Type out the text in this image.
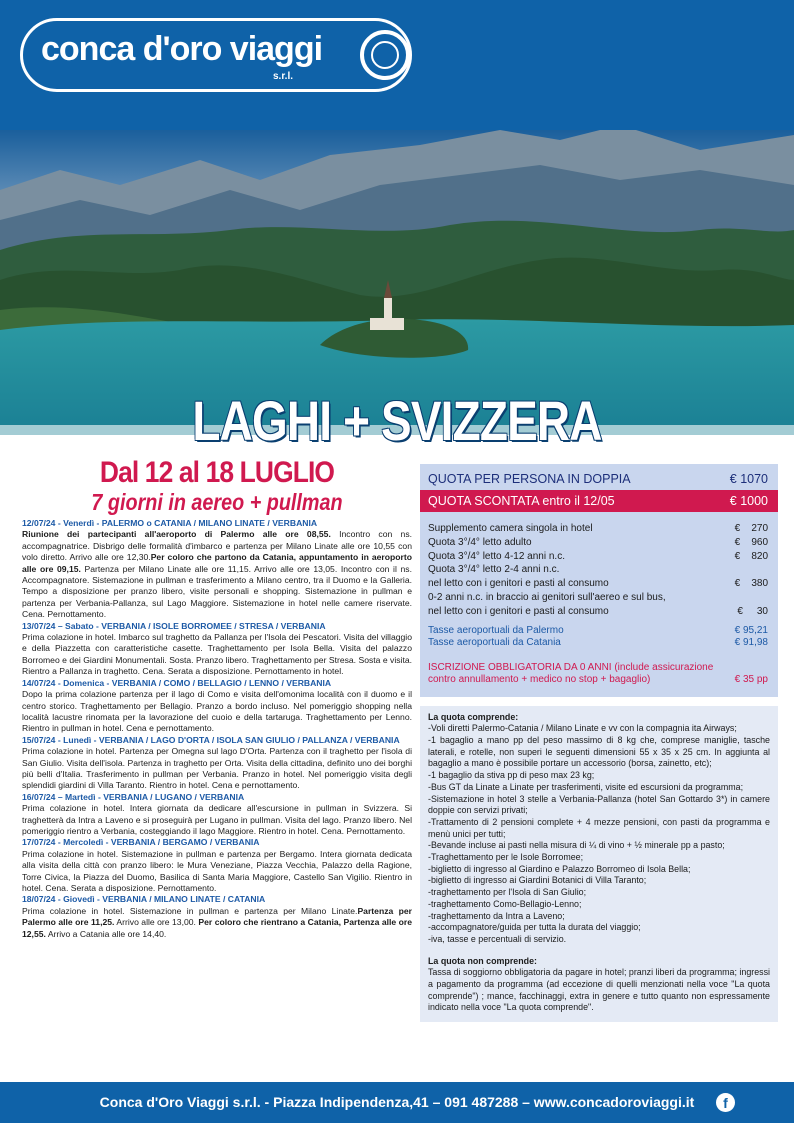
conca d'oro viaggi
s.r.l.
LAGHI + SVIZZERA
Dal 12 al 18 LUGLIO
7 giorni in aereo + pullman

12/07/24 - Venerdì - PALERMO o CATANIA / MILANO LINATE / VERBANIA

Riunione dei partecipanti all'aeroporto di Palermo alle ore 08,55. Incontro con ns. accompagnatrice. Disbrigo delle formalità d'imbarco e partenza per Milano Linate alle ore 10,55 con volo diretto. Arrivo alle ore 12,30.Per coloro che partono da Catania, appuntamento in aeroporto alle ore 09,15. Partenza per Milano Linate alle ore 11,15. Arrivo alle ore 13,05. Incontro con il ns. Accompagnatore. Sistemazione in pullman e trasferimento a Milano centro, tra il Duomo e la Galleria. Tempo a disposizione per pranzo libero, visite personali e shopping. Sistemazione in pullman e partenza per Verbania-Pallanza, sul Lago Maggiore. Sistemazione in hotel nelle camere riservate. Cena. Pernottamento.

13/07/24 – Sabato - VERBANIA / ISOLE BORROMEE / STRESA / VERBANIA

Prima colazione in hotel. Imbarco sul traghetto da Pallanza per l'Isola dei Pescatori. Visita del villaggio e della Piazzetta con caratteristiche casette. Traghettamento per Isola Bella. Visita del palazzo Borromeo e dei Giardini Monumentali. Sosta. Pranzo libero. Traghettamento per Stresa. Sosta e visita. Rientro a Pallanza in traghetto. Cena. Serata a disposizione. Pernottamento in hotel.

14/07/24 - Domenica - VERBANIA / COMO / BELLAGIO / LENNO / VERBANIA

Dopo la prima colazione partenza per il lago di Como e visita dell'omonima località con il duomo e il centro storico. Traghettamento per Bellagio. Pranzo a bordo incluso. Nel pomeriggio shopping nella località lacustre rinomata per la lavorazione del cuoio e della tartaruga. Traghettamento per Lenno. Rientro in pullman in hotel. Cena e pernottamento.

15/07/24 - Lunedì - VERBANIA / LAGO D'ORTA / ISOLA SAN GIULIO / PALLANZA / VERBANIA

Prima colazione in hotel. Partenza per Omegna sul lago D'Orta. Partenza con il traghetto per l'isola di San Giulio. Visita dell'isola. Partenza in traghetto per Orta. Visita della cittadina, definito uno dei borghi più belli d'Italia. Trasferimento in pullman per Verbania. Pranzo in hotel. Nel pomeriggio visita degli splendidi giardini di Villa Taranto. Rientro in hotel. Cena e pernottamento.

16/07/24 – Martedì - VERBANIA / LUGANO / VERBANIA

Prima colazione in hotel. Intera giornata da dedicare all'escursione in pullman in Svizzera. Si traghetterà da Intra a Laveno e si proseguirà per Lugano in pullman. Visita del lago. Pranzo libero. Nel pomeriggio rientro a Verbania, costeggiando il lago Maggiore. Rientro in hotel. Cena. Pernottamento.

17/07/24 - Mercoledì - VERBANIA / BERGAMO / VERBANIA

Prima colazione in hotel. Sistemazione in pullman e partenza per Bergamo. Intera giornata dedicata alla visita della città con pranzo libero: le Mura Veneziane, Piazza Vecchia, Palazzo della Ragione, Torre Civica, la Piazza del Duomo, Basilica di Santa Maria Maggiore, Castello San Vigilio. Rientro in hotel. Cena. Serata a disposizione. Pernottamento.

18/07/24 - Giovedì - VERBANIA / MILANO LINATE / CATANIA

Prima colazione in hotel. Sistemazione in pullman e partenza per Milano Linate.Partenza per Palermo alle ore 11,25. Arrivo alle ore 13,00. Per coloro che rientrano a Catania, Partenza alle ore 12,55. Arrivo a Catania alle ore 14,40.

QUOTA PER PERSONA IN DOPPIA	€ 1070
QUOTA SCONTATA entro il 12/05	€ 1000
Supplemento camera singola in hotel	€    270
Quota 3°/4° letto adulto	€    960
Quota 3°/4° letto 4-12 anni n.c.	€    820
Quota 3°/4° letto 2-4 anni n.c.
nel letto con i genitori e pasti al consumo	€    380
0-2 anni n.c. in braccio ai genitori sull'aereo e sul bus,
nel letto con i genitori e pasti al consumo	€     30
Tasse aeroportuali da Palermo	€ 95,21
Tasse aeroportuali da Catania	€ 91,98
ISCRIZIONE OBBLIGATORIA DA 0 ANNI (include assicurazione
contro annullamento + medico no stop + bagaglio)	€ 35 pp
La quota comprende:
-Voli diretti Palermo-Catania / Milano Linate e vv con la compagnia ita Airways;
-1 bagaglio a mano pp del peso massimo di 8 kg che, comprese maniglie, tasche laterali, e rotelle, non superi le seguenti dimensioni 55 x 35 x 25 cm. In aggiunta al bagaglio a mano è possibile portare un accessorio (borsa, zainetto, etc);
-1 bagaglio da stiva pp di peso max 23 kg;
-Bus GT da Linate a Linate per trasferimenti, visite ed escursioni da programma;
-Sistemazione in hotel 3 stelle a Verbania-Pallanza (hotel San Gottardo 3*) in camere doppie con servizi privati;
-Trattamento di 2 pensioni complete + 4 mezze pensioni, con pasti da programma e menù unici per tutti;
-Bevande incluse ai pasti nella misura di ¼ di vino + ½ minerale pp a pasto;
-Traghettamento per le Isole Borromee;
-biglietto di ingresso al Giardino e Palazzo Borromeo di Isola Bella;
-biglietto di ingresso ai Giardini Botanici di Villa Taranto;
-traghettamento per l'Isola di San Giulio;
-traghettamento Como-Bellagio-Lenno;
-traghettamento da Intra a Laveno;
-accompagnatore/guida per tutta la durata del viaggio;
-iva, tasse e percentuali di servizio.
La quota non comprende:
Tassa di soggiorno obbligatoria da pagare in hotel; pranzi liberi da programma; ingressi a pagamento da programma (ad eccezione di quelli menzionati nella voce "La quota comprende") ; mance, facchinaggi, extra in genere e tutto quanto non espressamente indicato nella voce "La quota comprende".
Conca d'Oro Viaggi s.r.l. - Piazza Indipendenza,41 – 091 487288 – www.concadoroviaggi.it	f
